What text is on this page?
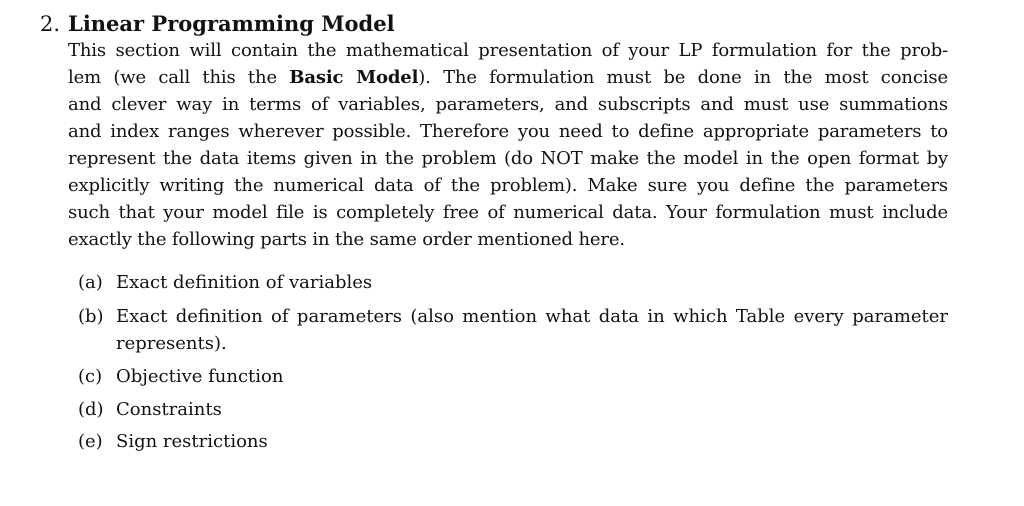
2. Linear Programming Model
This section will contain the mathematical presentation of your LP formulation for the prob-
lem (we call this the Basic Model). The formulation must be done in the most concise
and clever way in terms of variables, parameters, and subscripts and must use summations
and index ranges wherever possible. Therefore you need to define appropriate parameters to
represent the data items given in the problem (do NOT make the model in the open format by
explicitly writing the numerical data of the problem). Make sure you define the parameters
such that your model file is completely free of numerical data. Your formulation must include
exactly the following parts in the same order mentioned here.
(a) Exact definition of variables
(b) Exact definition of parameters (also mention what data in which Table every parameter
represents).
(c) Objective function
(d) Constraints
(e) Sign restrictions
